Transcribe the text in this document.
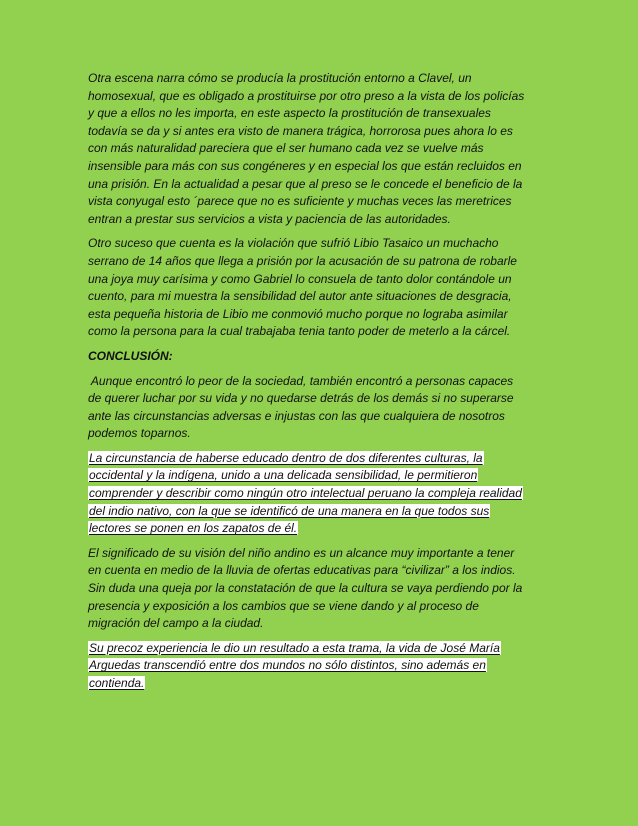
Otra escena narra cómo se producía la prostitución entorno a Clavel, un

homosexual, que es obligado a prostituirse por otro preso a la vista de los policías

y que a ellos no les importa, en este aspecto la prostitución de transexuales

todavía se da y si antes era visto de manera trágica, horrorosa pues ahora lo es

con más naturalidad pareciera que el ser humano cada vez se vuelve más

insensible para más con sus congéneres y en especial los que están recluidos en

una prisión. En la actualidad a pesar que al preso se le concede el beneficio de la

vista conyugal esto ´parece que no es suficiente y muchas veces las meretrices

entran a prestar sus servicios a vista y paciencia de las autoridades.

Otro suceso que cuenta es la violación que sufrió Libio Tasaico un muchacho

serrano de 14 años que llega a prisión por la acusación de su patrona de robarle

una joya muy carísima y como Gabriel lo consuela de tanto dolor contándole un

cuento, para mi muestra la sensibilidad del autor ante situaciones de desgracia,

esta pequeña historia de Libio me conmovió mucho porque no lograba asimilar

como la persona para la cual trabajaba tenia tanto poder de meterlo a la cárcel.

CONCLUSIÓN:

Aunque encontró lo peor de la sociedad, también encontró a personas capaces

de querer luchar por su vida y no quedarse detrás de los demás si no superarse

ante las circunstancias adversas e injustas con las que cualquiera de nosotros

podemos toparnos.

La circunstancia de haberse educado dentro de dos diferentes culturas, la

occidental y la indígena, unido a una delicada sensibilidad, le permitieron

comprender y describir como ningún otro intelectual peruano la compleja realidad

del indio nativo, con la que se identificó de una manera en la que todos sus

lectores se ponen en los zapatos de él.

El significado de su visión del niño andino es un alcance muy importante a tener

en cuenta en medio de la lluvia de ofertas educativas para “civilizar” a los indios.

Sin duda una queja por la constatación de que la cultura se vaya perdiendo por la

presencia y exposición a los cambios que se viene dando y al proceso de

migración del campo a la ciudad.

Su precoz experiencia le dio un resultado a esta trama, la vida de José María

Arguedas transcendió entre dos mundos no sólo distintos, sino además en

contienda.
